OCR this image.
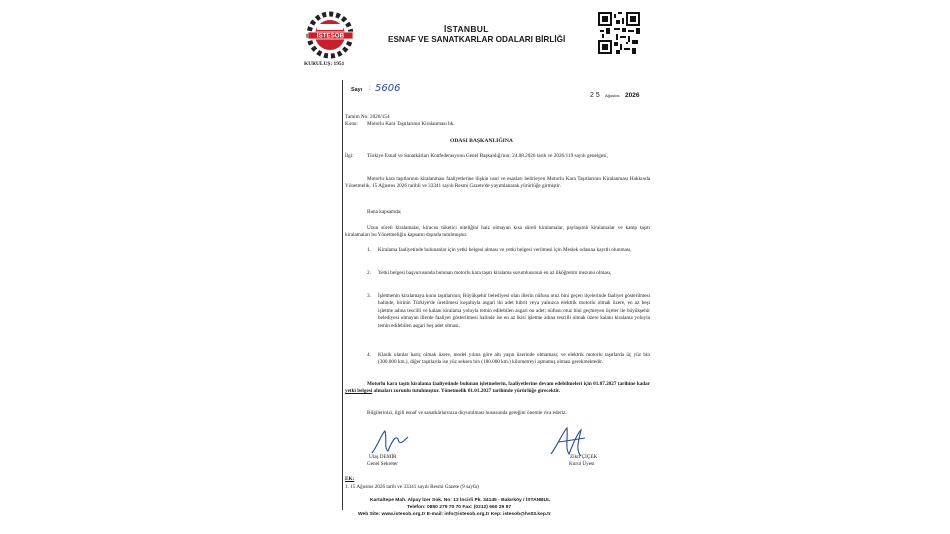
İSTESOB
KURULUŞ: 1951
İSTANBUL
ESNAF VE SANATKARLAR ODALARI BİRLİĞİ
Sayı : 5606
2 5 Ağustos 2026
Tamim No: 2026/154
Konu: Motorlu Kara Taşıtlarının Kiralanması hk.
ODASI BAŞKANLIĞINA
İlgi:	Türkiye Esnaf ve Sanatkârları Konfederasyonu Genel Başkanlığı'nın; 24.08.2026 tarih ve 2026/119 sayılı genelgesi,
Motorlu kara taşıtlarının kiralanması faaliyetlerine ilişkin usul ve esasları belirleyen Motorlu Kara Taşıtlarının Kiralanması Hakkında Yönetmelik, 15 Ağustos 2026 tarihli ve 33341 sayılı Resmi Gazete'de yayımlanarak yürürlüğe girmiştir.
Buna kapsamda;
Uzun süreli kiralamalar, kiracısı tüketici niteliğini haiz olmayan kısa süreli kiralamalar, paylaşımlı kiralamalar ve kamp taşıtı kiralamaları bu Yönetmeliğin kapsamı dışında tutulmuştur.
1. Kiralama faaliyetinde bulunanlar için yetki belgesi alması ve yetki belgesi verilmesi için Meslek odasına kayıtlı olunması,
2. Yetki belgesi başvurusunda bulunan motorlu kara taşıtı kiralama sorumlusunun en az ilköğretim mezunu olması,
3. İşletmenin kiralamaya konu taşıtlarının; Büyükşehir belediyesi olan illerin nüfusu otuz bini geçen ilçelerinde faaliyet gösterilmesi halinde, birinin Türkiye'de üretilmesi koşuluyla asgari iki adet hibrit veya yalnızca elektrik motorlu olmak üzere, en az beşi işletme adına tescilli ve kalanı kiralama yoluyla temin edilebilen asgari on adet; nüfusu otuz bini geçmeyen ilçeler ile büyükşehir belediyesi olmayan illerde faaliyet gösterilmesi halinde ise en az ikisi işletme adına tescilli olmak üzere kalanı kiralama yoluyla temin edilebilen asgari beş adet olması,
4. Klasik olanlar hariç olmak üzere, model yılına göre altı yaşın üzerinde olmaması; ve elektrik motorlu taşıtlarda üç yüz bin (300.000 km.), diğer taşıtlarda ise yüz seksen bin (180.000 km.) kilometreyi aşmamış olması gerekmektedir.
Motorlu kara taşıtı kiralama faaliyetinde bulunan işletmelerin, faaliyetlerine devam edebilmeleri için 01.07.2027 tarihine kadar yetki belgesi almaları zorunlu tutulmuştur. Yönetmelik 01.01.2027 tarihinde yürürlüğe girecektir.
Bilgilerinizi, ilgili esnaf ve sanatkârlarınıza duyurulması hususunda gereğini önemle rica ederiz.
Ulaş DEMİR
Genel Sekreter
Zikri ÇİÇEK
Kurul Üyesi
EK:
1. 15 Ağustos 2026 tarih ve 33341 sayılı Resmi Gazete (9 sayfa)
Kartaltepe Mah. Alpay İzer Sok. No: 12 İncirli Pk. 34145 - Bakırköy / İSTANBUL
Telefon: 0850 279 70 70 Fax: (0212) 660 29 97
Web Site: www.istesob.org.tr E-mail: info@istesob.org.tr Kep: istesob@hs03.kep.tr
